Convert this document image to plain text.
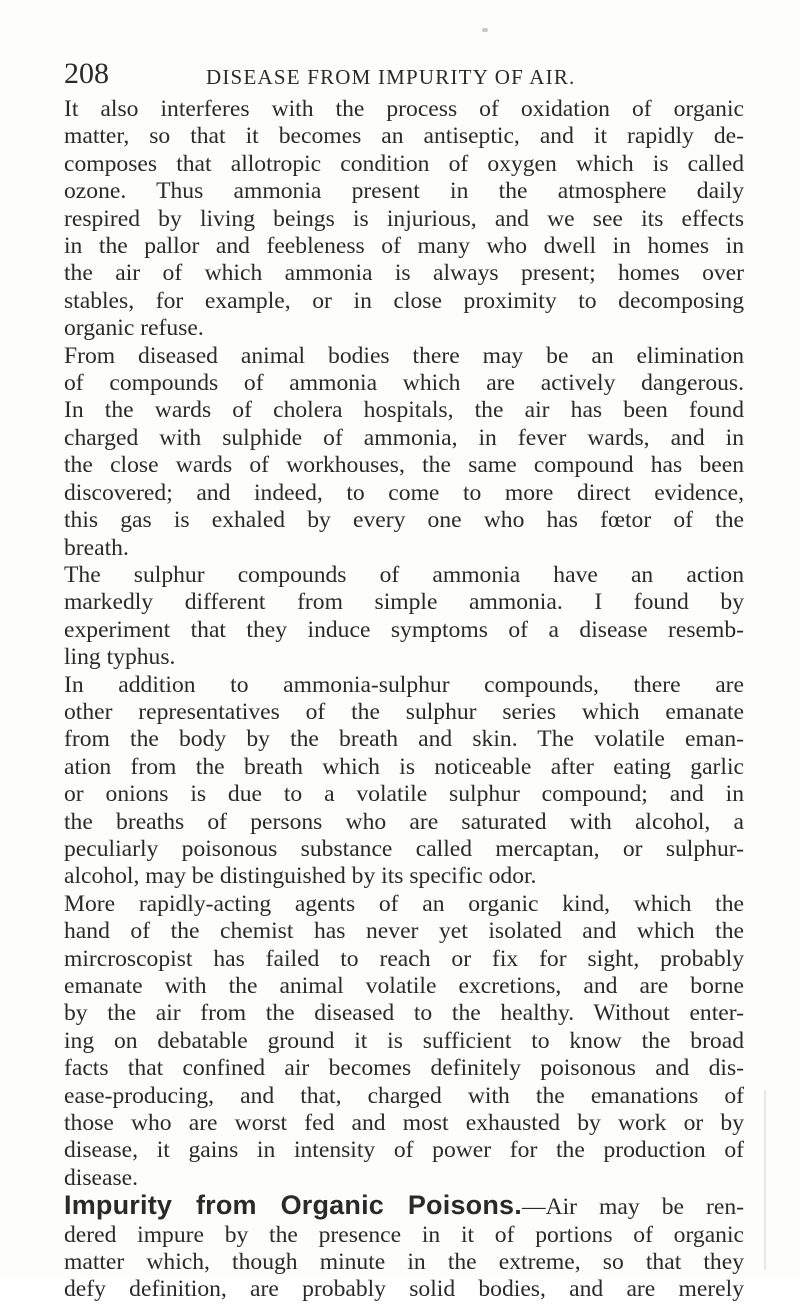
208	DISEASE FROM IMPURITY OF AIR.

It also interferes with the process of oxidation of organic
matter, so that it becomes an antiseptic, and it rapidly de-
composes that allotropic condition of oxygen which is called
ozone. Thus ammonia present in the atmosphere daily
respired by living beings is injurious, and we see its effects
in the pallor and feebleness of many who dwell in homes in
the air of which ammonia is always present; homes over
stables, for example, or in close proximity to decomposing
organic refuse.

From diseased animal bodies there may be an elimination
of compounds of ammonia which are actively dangerous.
In the wards of cholera hospitals, the air has been found
charged with sulphide of ammonia, in fever wards, and in
the close wards of workhouses, the same compound has been
discovered; and indeed, to come to more direct evidence,
this gas is exhaled by every one who has fœtor of the
breath.

The sulphur compounds of ammonia have an action
markedly different from simple ammonia. I found by
experiment that they induce symptoms of a disease resemb-
ling typhus.

In addition to ammonia-sulphur compounds, there are
other representatives of the sulphur series which emanate
from the body by the breath and skin. The volatile eman-
ation from the breath which is noticeable after eating garlic
or onions is due to a volatile sulphur compound; and in
the breaths of persons who are saturated with alcohol, a
peculiarly poisonous substance called mercaptan, or sulphur-
alcohol, may be distinguished by its specific odor.

More rapidly-acting agents of an organic kind, which the
hand of the chemist has never yet isolated and which the
mircroscopist has failed to reach or fix for sight, probably
emanate with the animal volatile excretions, and are borne
by the air from the diseased to the healthy. Without enter-
ing on debatable ground it is sufficient to know the broad
facts that confined air becomes definitely poisonous and dis-
ease-producing, and that, charged with the emanations of
those who are worst fed and most exhausted by work or by
disease, it gains in intensity of power for the production of
disease.

Impurity from Organic Poisons.—Air may be ren-
dered impure by the presence in it of portions of organic
matter which, though minute in the extreme, so that they
defy definition, are probably solid bodies, and are merely
